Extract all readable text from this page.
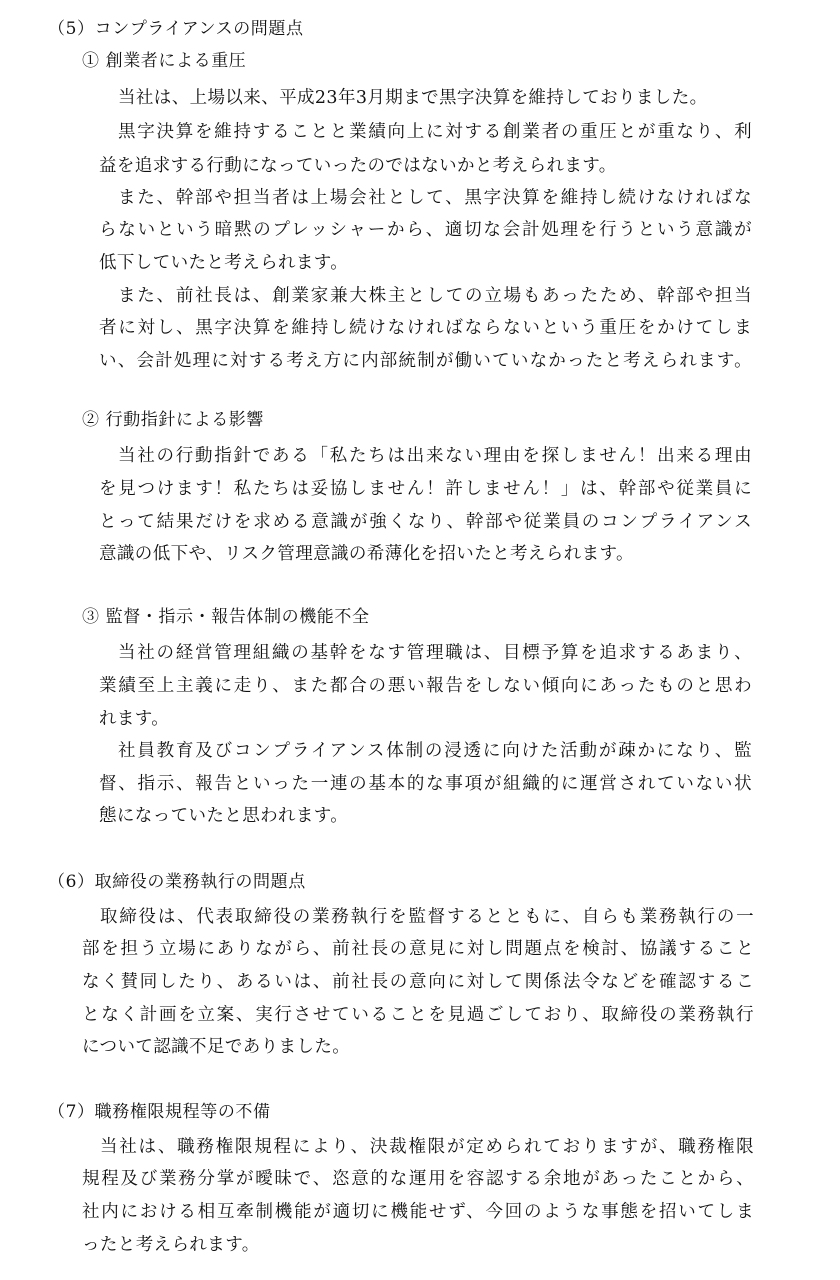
（5）コンプライアンスの問題点
① 創業者による重圧
当社は、上場以来、平成23年3月期まで黒字決算を維持しておりました。
黒字決算を維持することと業績向上に対する創業者の重圧とが重なり、利
益を追求する行動になっていったのではないかと考えられます。
また、幹部や担当者は上場会社として、黒字決算を維持し続けなければな
らないという暗黙のプレッシャーから、適切な会計処理を行うという意識が
低下していたと考えられます。
また、前社長は、創業家兼大株主としての立場もあったため、幹部や担当
者に対し、黒字決算を維持し続けなければならないという重圧をかけてしま
い、会計処理に対する考え方に内部統制が働いていなかったと考えられます。
② 行動指針による影響
当社の行動指針である「私たちは出来ない理由を探しません！出来る理由
を見つけます！私たちは妥協しません！許しません！」は、幹部や従業員に
とって結果だけを求める意識が強くなり、幹部や従業員のコンプライアンス
意識の低下や、リスク管理意識の希薄化を招いたと考えられます。
③ 監督・指示・報告体制の機能不全
当社の経営管理組織の基幹をなす管理職は、目標予算を追求するあまり、
業績至上主義に走り、また都合の悪い報告をしない傾向にあったものと思わ
れます。
社員教育及びコンプライアンス体制の浸透に向けた活動が疎かになり、監
督、指示、報告といった一連の基本的な事項が組織的に運営されていない状
態になっていたと思われます。
（6）取締役の業務執行の問題点
取締役は、代表取締役の業務執行を監督するとともに、自らも業務執行の一
部を担う立場にありながら、前社長の意見に対し問題点を検討、協議すること
なく賛同したり、あるいは、前社長の意向に対して関係法令などを確認するこ
となく計画を立案、実行させていることを見過ごしており、取締役の業務執行
について認識不足でありました。
（7）職務権限規程等の不備
当社は、職務権限規程により、決裁権限が定められておりますが、職務権限
規程及び業務分掌が曖昧で、恣意的な運用を容認する余地があったことから、
社内における相互牽制機能が適切に機能せず、今回のような事態を招いてしま
ったと考えられます。
